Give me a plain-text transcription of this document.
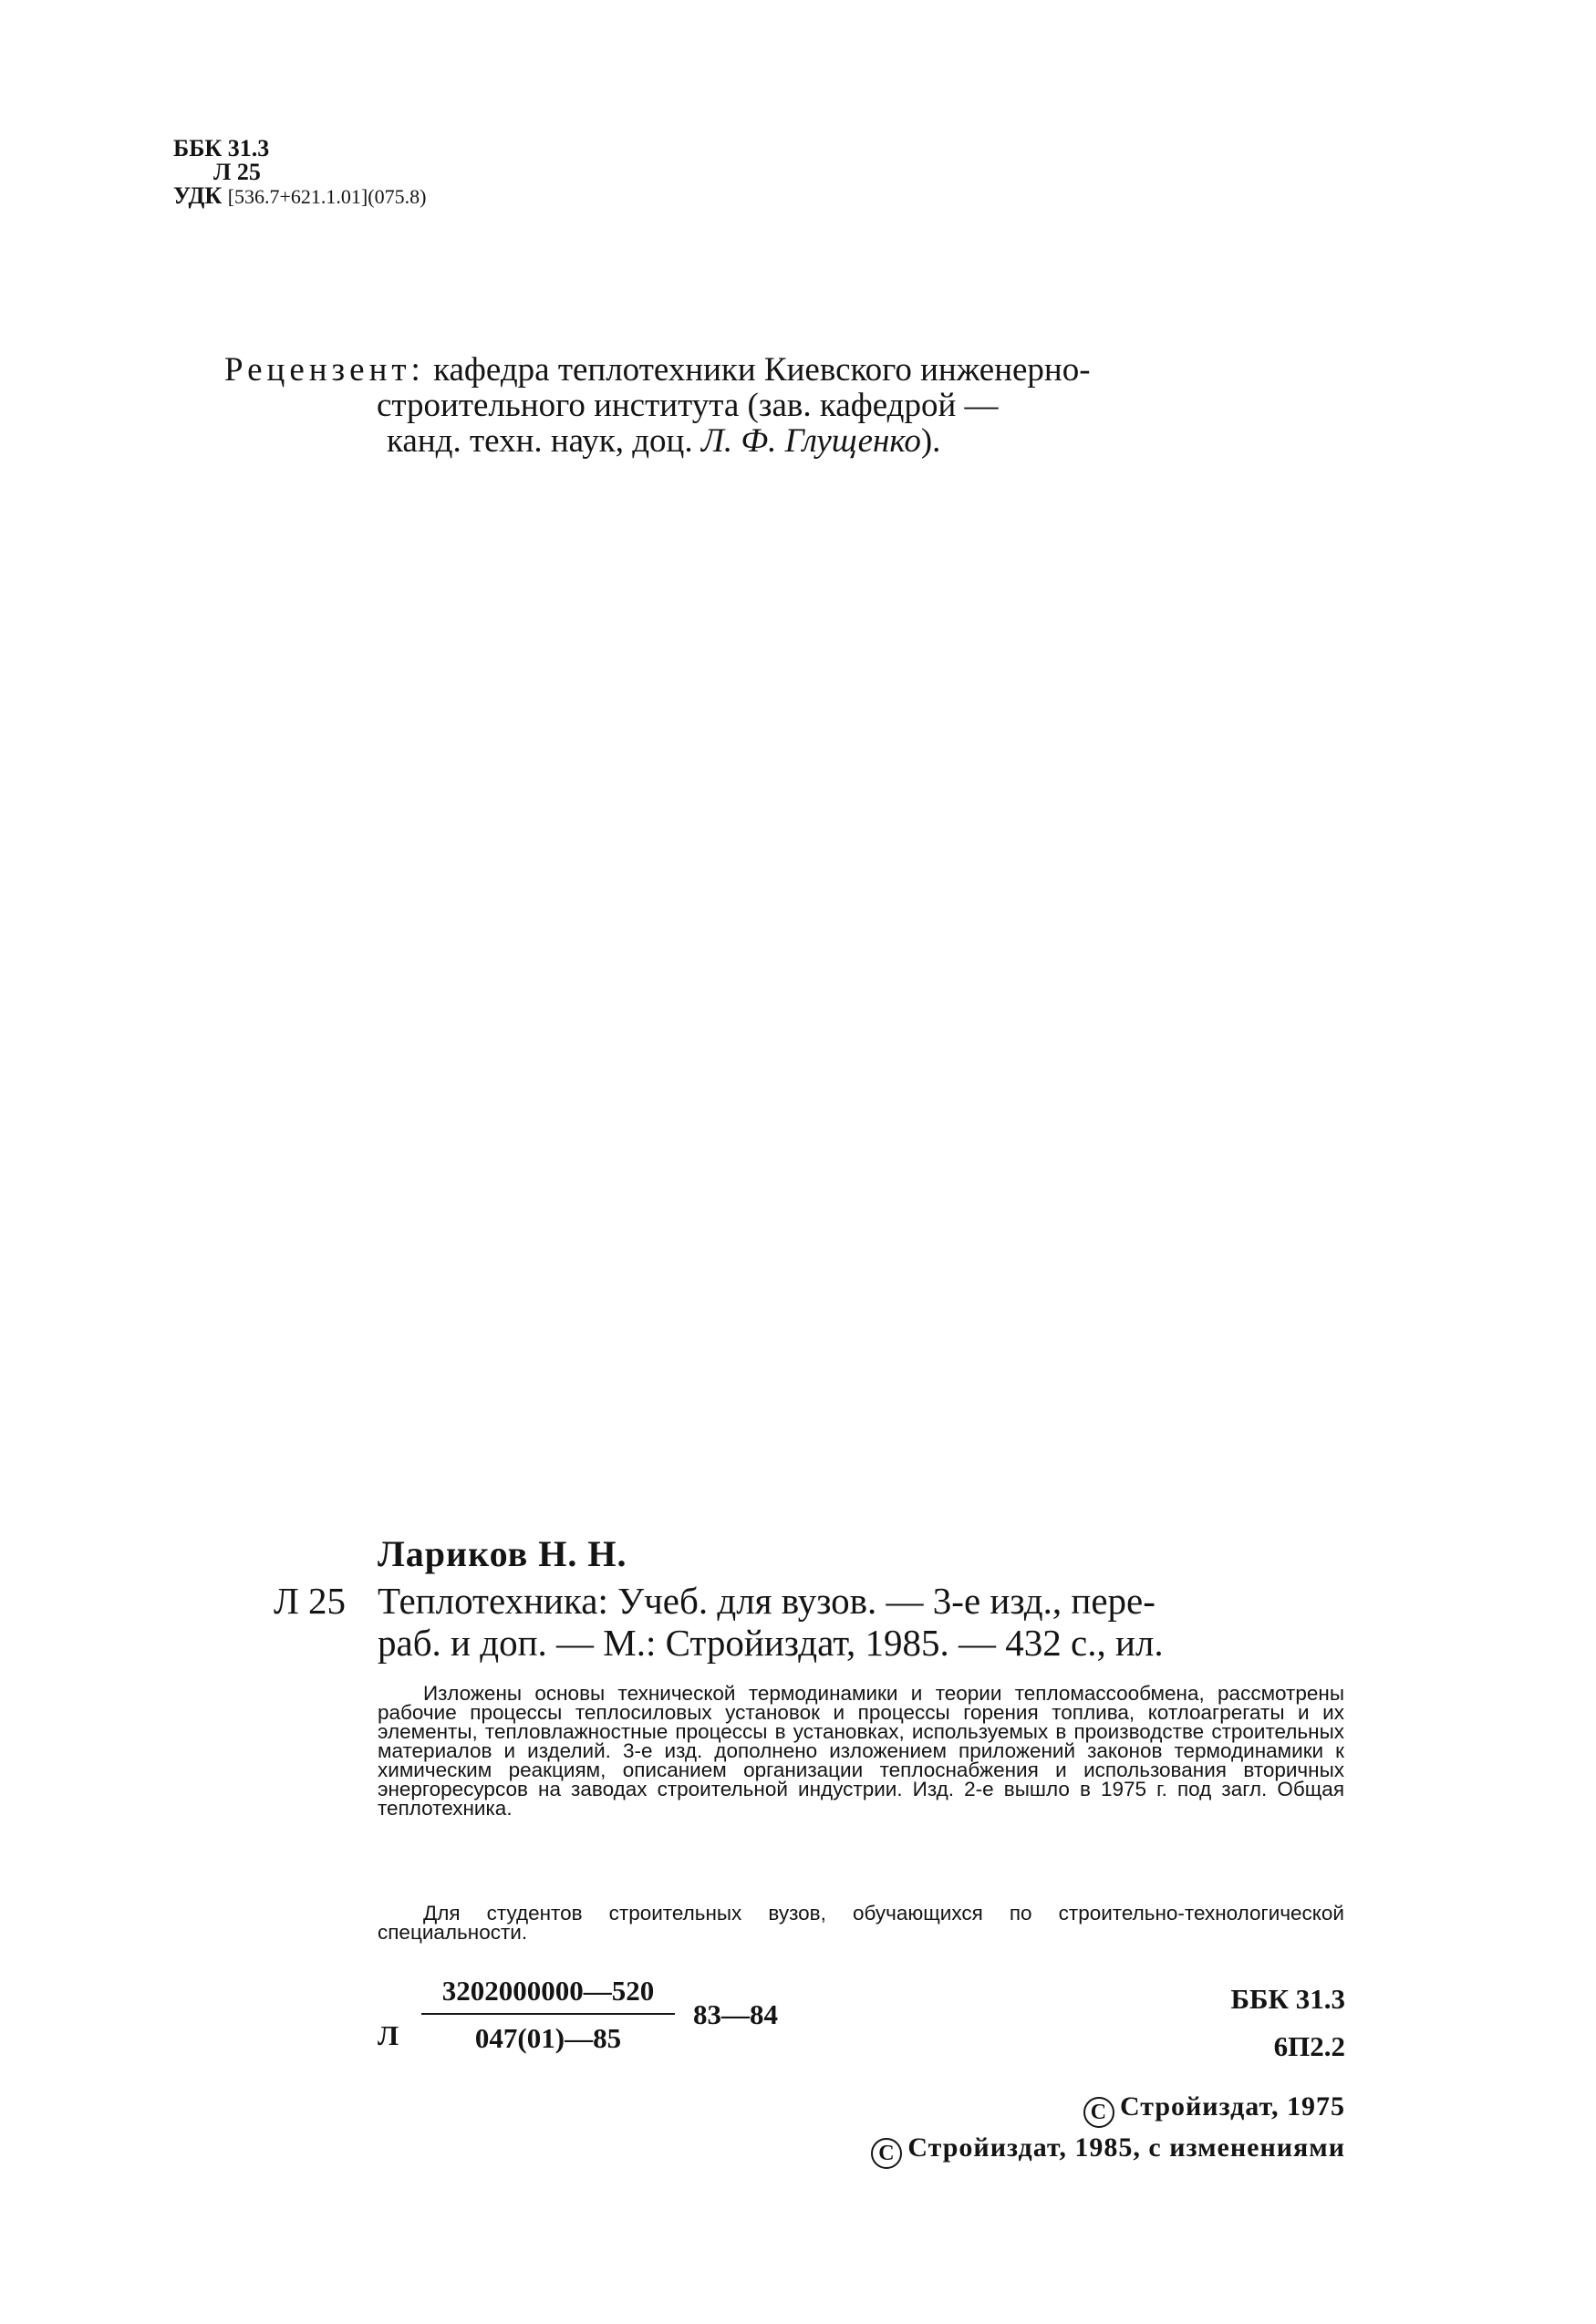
ББК 31.3
Л 25
УДК [536.7+621.1.01](075.8)
Рецензент: кафедра теплотехники Киевского инженерно-
строительного института (зав. кафедрой —
канд. техн. наук, доц. Л. Ф. Глущенко).
Лариков Н. Н.
Л 25 Теплотехника: Учеб. для вузов. — 3-е изд., пере-
раб. и доп. — М.: Стройиздат, 1985. — 432 с., ил.
Изложены основы технической термодинамики и теории тепломассообмена, рассмотрены рабочие процессы теплосиловых установок и процессы горения топлива, котлоагрегаты и их элементы, тепловлажностные процессы в установках, используемых в производстве строительных материалов и изделий. 3-е изд. дополнено изложением приложений законов термодинамики к химическим реакциям, описанием организации теплоснабжения и использования вторичных энергоресурсов на заводах строительной индустрии. Изд. 2-е вышло в 1975 г. под загл. Общая теплотехника.
Для студентов строительных вузов, обучающихся по строительно-технологической специальности.
Л $\frac{3202000000—520}{047(01)—85}$ 83—84	ББК 31.3
6П2.2
С Стройиздат, 1975
С Стройиздат, 1985, с изменениями
